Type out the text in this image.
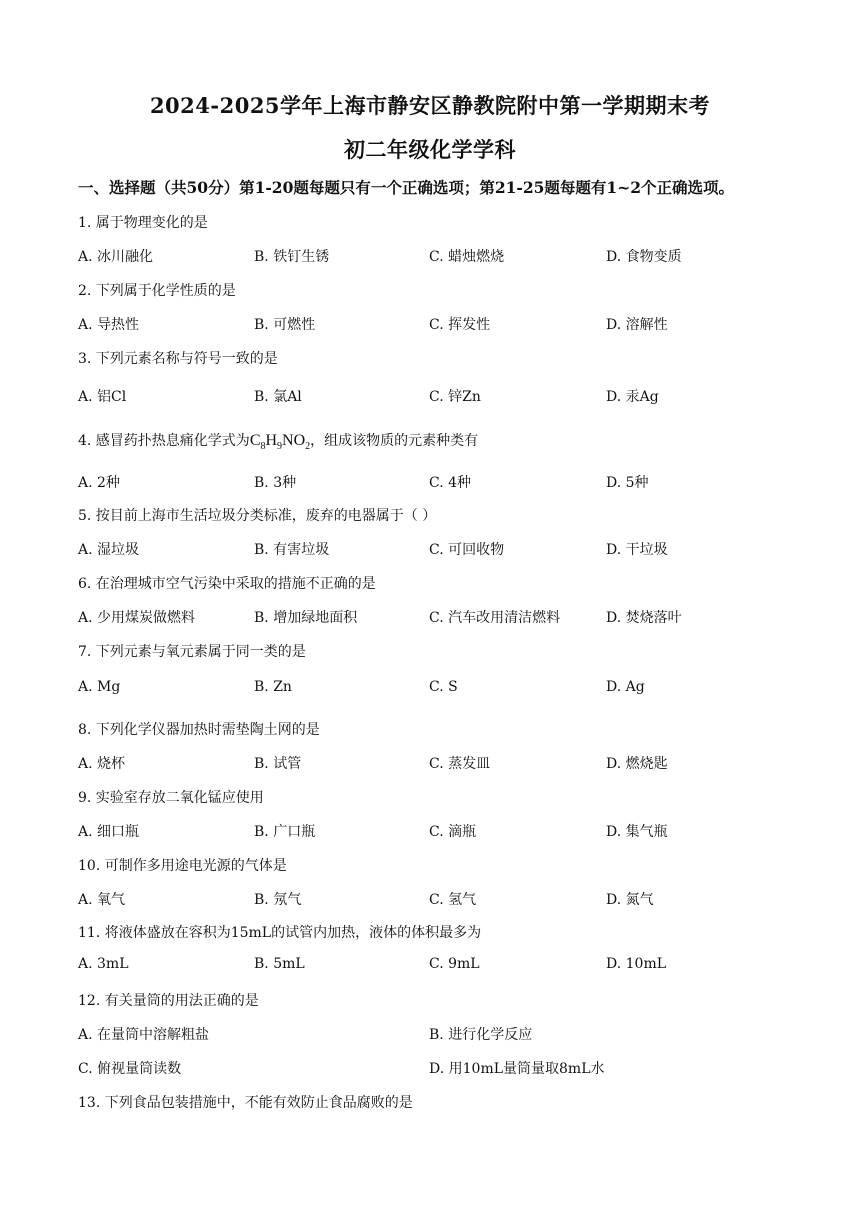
2024-2025学年上海市静安区静教院附中第一学期期末考
初二年级化学学科
一、选择题（共50分）第1-20题每题只有一个正确选项；第21-25题每题有1~2个正确选项。
1. 属于物理变化的是
A. 冰川融化	B. 铁钉生锈	C. 蜡烛燃烧	D. 食物变质
2. 下列属于化学性质的是
A. 导热性	B. 可燃性	C. 挥发性	D. 溶解性
3. 下列元素名称与符号一致的是
A. 铝Cl	B. 氯Al	C. 锌Zn	D. 汞Ag
4. 感冒药扑热息痛化学式为$C_8H_9NO_2$，组成该物质的元素种类有
A. 2种	B. 3种	C. 4种	D. 5种
5. 按目前上海市生活垃圾分类标准，废弃的电器属于（ ）
A. 湿垃圾	B. 有害垃圾	C. 可回收物	D. 干垃圾
6. 在治理城市空气污染中采取的措施不正确的是
A. 少用煤炭做燃料	B. 增加绿地面积	C. 汽车改用清洁燃料	D. 焚烧落叶
7. 下列元素与氧元素属于同一类的是
A. Mg	B. Zn	C. S	D. Ag
8. 下列化学仪器加热时需垫陶土网的是
A. 烧杯	B. 试管	C. 蒸发皿	D. 燃烧匙
9. 实验室存放二氧化锰应使用
A. 细口瓶	B. 广口瓶	C. 滴瓶	D. 集气瓶
10. 可制作多用途电光源的气体是
A. 氧气	B. 氖气	C. 氢气	D. 氮气
11. 将液体盛放在容积为15mL的试管内加热，液体的体积最多为
A. 3mL	B. 5mL	C. 9mL	D. 10mL
12. 有关量筒的用法正确的是
A. 在量筒中溶解粗盐	B. 进行化学反应
C. 俯视量筒读数	D. 用10mL量筒量取8mL水
13. 下列食品包装措施中，不能有效防止食品腐败的是
